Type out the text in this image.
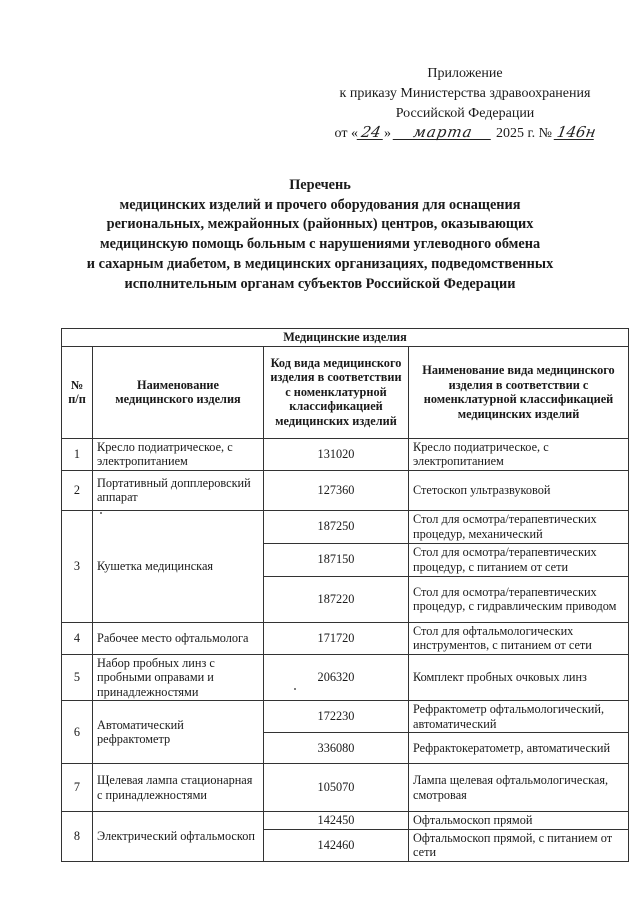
Приложение
к приказу Министерства здравоохранения
Российской Федерации
от « 24 » марта 2025 г. № 146н
Перечень
медицинских изделий и прочего оборудования для оснащения
региональных, межрайонных (районных) центров, оказывающих
медицинскую помощь больным с нарушениями углеводного обмена
и сахарным диабетом, в медицинских организациях, подведомственных
исполнительным органам субъектов Российской Федерации
Медицинские изделия			
№ п/п	Наименование медицинского изделия	Код вида медицинского изделия в соответствии с номенклатурной классификацией медицинских изделий	Наименование вида медицинского изделия в соответствии с номенклатурной классификацией медицинских изделий
1	Кресло подиатрическое, с электропитанием	131020	Кресло подиатрическое, с электропитанием
2	Портативный допплеровский аппарат	127360	Стетоскоп ультразвуковой
3	Кушетка медицинская	187250	Стол для осмотра/терапевтических процедур, механический
		187150	Стол для осмотра/терапевтических процедур, с питанием от сети
		187220	Стол для осмотра/терапевтических процедур, с гидравлическим приводом
4	Рабочее место офтальмолога	171720	Стол для офтальмологических инструментов, с питанием от сети
5	Набор пробных линз с пробными оправами и принадлежностями	206320	Комплект пробных очковых линз
6	Автоматический рефрактометр	172230	Рефрактометр офтальмологический, автоматический
		336080	Рефрактокератометр, автоматический
7	Щелевая лампа стационарная с принадлежностями	105070	Лампа щелевая офтальмологическая, смотровая
8	Электрический офтальмоскоп	142450	Офтальмоскоп прямой
		142460	Офтальмоскоп прямой, с питанием от сети
